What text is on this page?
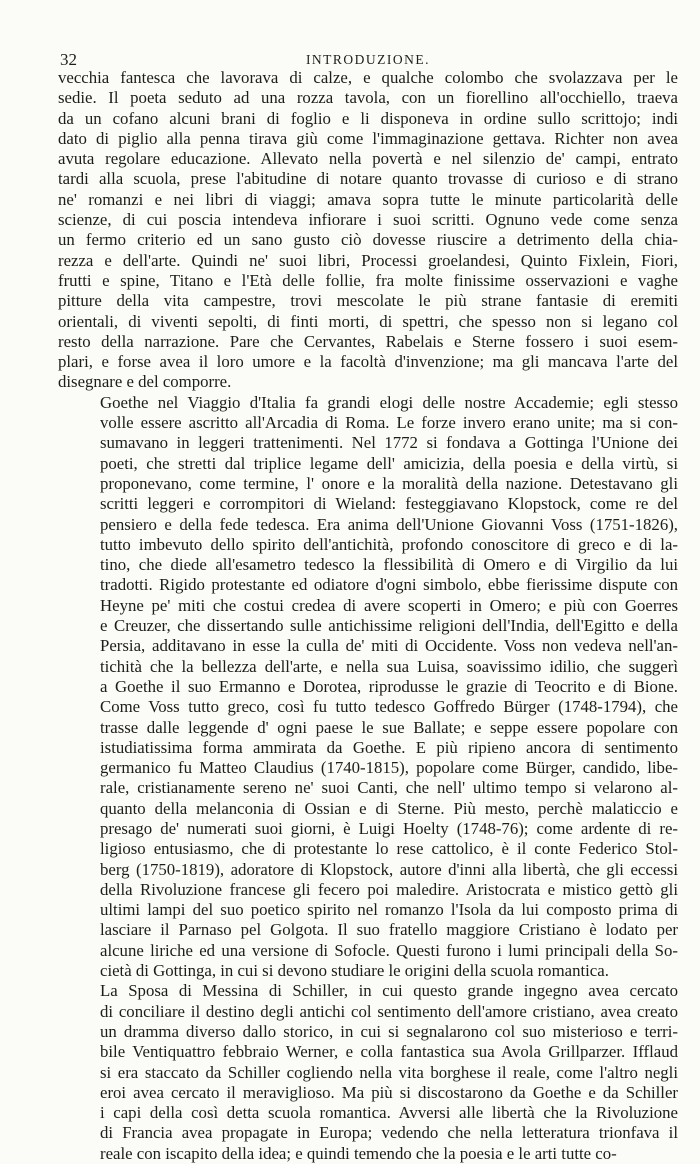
32	INTRODUZIONE.

vecchia fantesca che lavorava di calze, e qualche colombo che svolazzava per le
sedie. Il poeta seduto ad una rozza tavola, con un fiorellino all'occhiello, traeva
da un cofano alcuni brani di foglio e li disponeva in ordine sullo scrittojo; indi
dato di piglio alla penna tirava giù come l'immaginazione gettava. Richter non avea
avuta regolare educazione. Allevato nella povertà e nel silenzio de' campi, entrato
tardi alla scuola, prese l'abitudine di notare quanto trovasse di curioso e di strano
ne' romanzi e nei libri di viaggi; amava sopra tutte le minute particolarità delle
scienze, di cui poscia intendeva infiorare i suoi scritti. Ognuno vede come senza
un fermo criterio ed un sano gusto ciò dovesse riuscire a detrimento della chia-
rezza e dell'arte. Quindi ne' suoi libri, Processi groelandesi, Quinto Fixlein, Fiori,
frutti e spine, Titano e l'Età delle follie, fra molte finissime osservazioni e vaghe
pitture della vita campestre, trovi mescolate le più strane fantasie di eremiti
orientali, di viventi sepolti, di finti morti, di spettri, che spesso non si legano col
resto della narrazione. Pare che Cervantes, Rabelais e Sterne fossero i suoi esem-
plari, e forse avea il loro umore e la facoltà d'invenzione; ma gli mancava l'arte del
disegnare e del comporre.

Goethe nel Viaggio d'Italia fa grandi elogi delle nostre Accademie; egli stesso
volle essere ascritto all'Arcadia di Roma. Le forze invero erano unite; ma si con-
sumavano in leggeri trattenimenti. Nel 1772 si fondava a Gottinga l'Unione dei
poeti, che stretti dal triplice legame dell' amicizia, della poesia e della virtù, si
proponevano, come termine, l' onore e la moralità della nazione. Detestavano gli
scritti leggeri e corrompitori di Wieland: festeggiavano Klopstock, come re del
pensiero e della fede tedesca. Era anima dell'Unione Giovanni Voss (1751-1826),
tutto imbevuto dello spirito dell'antichità, profondo conoscitore di greco e di la-
tino, che diede all'esametro tedesco la flessibilità di Omero e di Virgilio da lui
tradotti. Rigido protestante ed odiatore d'ogni simbolo, ebbe fierissime dispute con
Heyne pe' miti che costui credea di avere scoperti in Omero; e più con Goerres
e Creuzer, che dissertando sulle antichissime religioni dell'India, dell'Egitto e della
Persia, additavano in esse la culla de' miti di Occidente. Voss non vedeva nell'an-
tichità che la bellezza dell'arte, e nella sua Luisa, soavissimo idilio, che suggerì
a Goethe il suo Ermanno e Dorotea, riprodusse le grazie di Teocrito e di Bione.
Come Voss tutto greco, così fu tutto tedesco Goffredo Bürger (1748-1794), che
trasse dalle leggende d' ogni paese le sue Ballate; e seppe essere popolare con
istudiatissima forma ammirata da Goethe. E più ripieno ancora di sentimento
germanico fu Matteo Claudius (1740-1815), popolare come Bürger, candido, libe-
rale, cristianamente sereno ne' suoi Canti, che nell' ultimo tempo si velarono al-
quanto della melanconia di Ossian e di Sterne. Più mesto, perchè malaticcio e
presago de' numerati suoi giorni, è Luigi Hoelty (1748-76); come ardente di re-
ligioso entusiasmo, che di protestante lo rese cattolico, è il conte Federico Stol-
berg (1750-1819), adoratore di Klopstock, autore d'inni alla libertà, che gli eccessi
della Rivoluzione francese gli fecero poi maledire. Aristocrata e mistico gettò gli
ultimi lampi del suo poetico spirito nel romanzo l'Isola da lui composto prima di
lasciare il Parnaso pel Golgota. Il suo fratello maggiore Cristiano è lodato per
alcune liriche ed una versione di Sofocle. Questi furono i lumi principali della So-
cietà di Gottinga, in cui si devono studiare le origini della scuola romantica.

La Sposa di Messina di Schiller, in cui questo grande ingegno avea cercato
di conciliare il destino degli antichi col sentimento dell'amore cristiano, avea creato
un dramma diverso dallo storico, in cui si segnalarono col suo misterioso e terri-
bile Ventiquattro febbraio Werner, e colla fantastica sua Avola Grillparzer. Ifflaud
si era staccato da Schiller cogliendo nella vita borghese il reale, come l'altro negli
eroi avea cercato il meraviglioso. Ma più si discostarono da Goethe e da Schiller
i capi della così detta scuola romantica. Avversi alle libertà che la Rivoluzione
di Francia avea propagate in Europa; vedendo che nella letteratura trionfava il
reale con iscapito della idea; e quindi temendo che la poesia e le arti tutte co-
